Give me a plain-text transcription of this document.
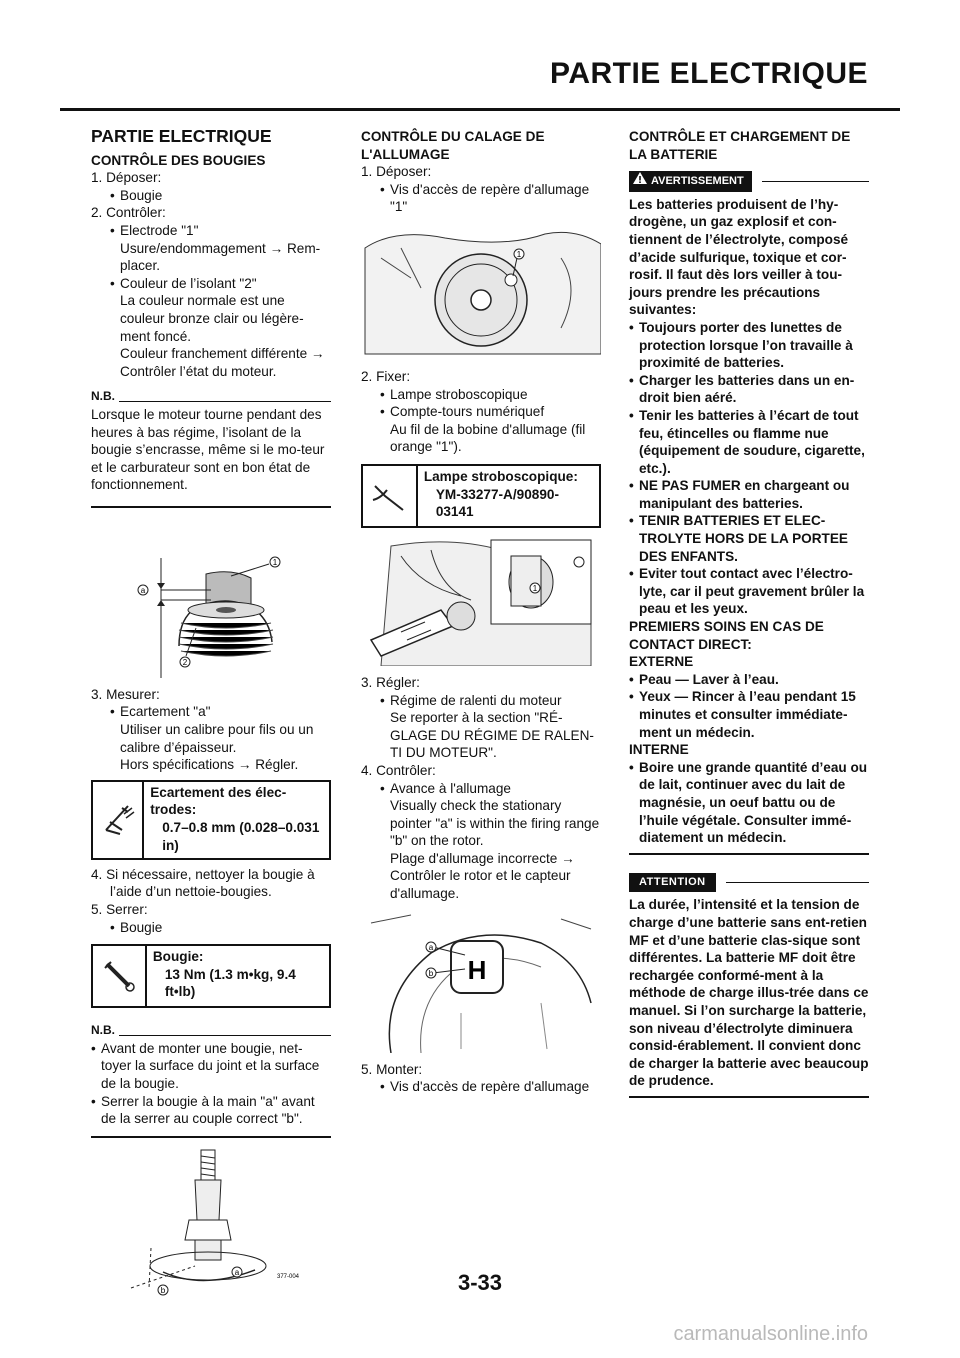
PARTIE ELECTRIQUE
PARTIE ELECTRIQUE
CONTRÔLE DES BOUGIES
1. Déposer:
• Bougie
2. Contrôler:
• Electrode "1"
Usure/endommagement → Rem-placer.
• Couleur de l’isolant "2"
La couleur normale est une couleur bronze clair ou légère-ment foncé.
Couleur franchement différente → Contrôler l’état du moteur.
N.B.
Lorsque le moteur tourne pendant des heures à bas régime, l’isolant de la bougie s’encrasse, même si le mo-teur et le carburateur sont en bon état de fonctionnement.
a
1
2
3. Mesurer:
• Ecartement "a"
Utiliser un calibre pour fils ou un calibre d’épaisseur.
Hors spécifications → Régler.
Ecartement des élec-trodes:
0.7–0.8 mm (0.028–0.031 in)
4. Si nécessaire, nettoyer la bougie à l’aide d’un nettoie-bougies.
5. Serrer:
• Bougie
Bougie:
13 Nm (1.3 m•kg, 9.4 ft•lb)
N.B.
• Avant de monter une bougie, net-toyer la surface du joint et la surface de la bougie.
• Serrer la bougie à la main "a" avant de la serrer au couple correct "b".
a
b
377-004
CONTRÔLE DU CALAGE DE L'ALLUMAGE
1. Déposer:
• Vis d'accès de repère d'allumage "1"
1
2. Fixer:
• Lampe stroboscopique
• Compte-tours numériquef
Au fil de la bobine d'allumage (fil orange "1").
Lampe stroboscopique:
YM-33277-A/90890-03141
1
3. Régler:
• Régime de ralenti du moteur
Se reporter à la section "RÉ-GLAGE DU RÉGIME DE RALEN-TI DU MOTEUR".
4. Contrôler:
• Avance à l'allumage
Visually check the stationary pointer "a" is within the firing range "b" on the rotor.
Plage d'allumage incorrecte → Contrôler le rotor et le capteur d'allumage.
H
a
b
5. Monter:
• Vis d'accès de repère d'allumage
CONTRÔLE ET CHARGEMENT DE LA BATTERIE
AVERTISSEMENT
Les batteries produisent de l’hy-drogène, un gaz explosif et con-tiennent de l’électrolyte, composé d’acide sulfurique, toxique et cor-rosif. Il faut dès lors veiller à tou-jours prendre les précautions suivantes:
• Toujours porter des lunettes de protection lorsque l’on travaille à proximité de batteries.
• Charger les batteries dans un en-droit bien aéré.
• Tenir les batteries à l’écart de tout feu, étincelles ou flamme nue (équipement de soudure, cigarette, etc.).
• NE PAS FUMER en chargeant ou manipulant des batteries.
• TENIR BATTERIES ET ELEC-TROLYTE HORS DE LA PORTEE DES ENFANTS.
• Eviter tout contact avec l’électro-lyte, car il peut gravement brûler la peau et les yeux.
PREMIERS SOINS EN CAS DE CONTACT DIRECT:
EXTERNE
• Peau — Laver à l’eau.
• Yeux — Rincer à l’eau pendant 15 minutes et consulter immédiate-ment un médecin.
INTERNE
• Boire une grande quantité d’eau ou de lait, continuer avec du lait de magnésie, un oeuf battu ou de l’huile végétale. Consulter immé-diatement un médecin.
ATTENTION
La durée, l’intensité et la tension de charge d’une batterie sans ent-retien MF et d’une batterie clas-sique sont différentes. La batterie MF doit être rechargée conformé-ment à la méthode de charge illus-trée dans ce manuel. Si l’on surcharge la batterie, son niveau d’électrolyte diminuera consid-érablement. Il convient donc de charger la batterie avec beaucoup de prudence.
3-33
carmanualsonline.info
